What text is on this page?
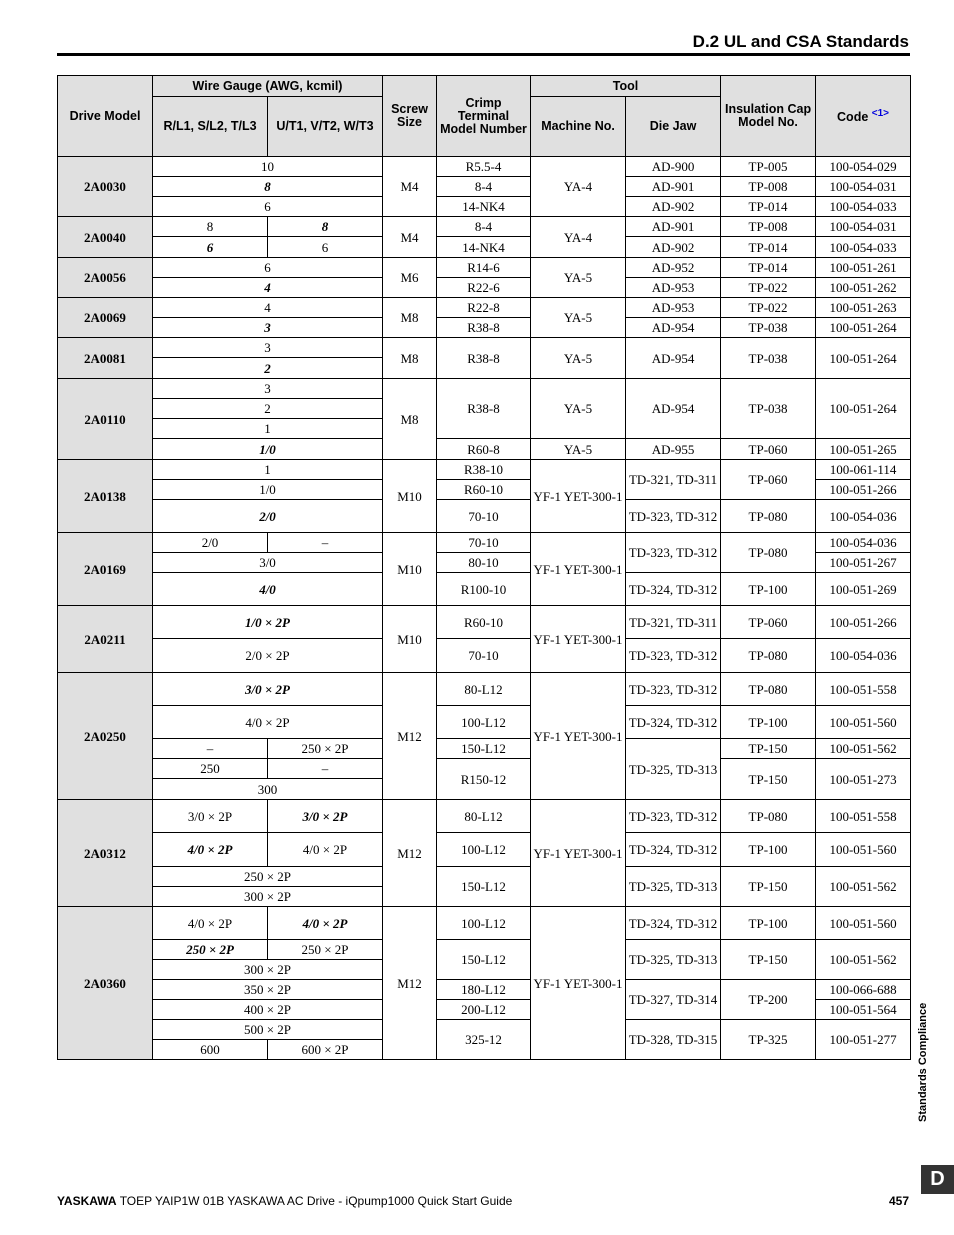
D.2 UL and CSA Standards
Drive Model	Wire Gauge (AWG, kcmil)		Screw Size	Crimp Terminal Model Number	Tool		Insulation Cap Model No.	Code $^{<1>}$
	R/L1, S/L2, T/L3	U/T1, V/T2, W/T3			Machine No.	Die Jaw		
2A0030	10		M4	R5.5-4	YA-4	AD-900	TP-005	100-054-029
	8			8-4		AD-901	TP-008	100-054-031
	6			14-NK4		AD-902	TP-014	100-054-033
2A0040	8	8	M4	8-4	YA-4	AD-901	TP-008	100-054-031
	6	6		14-NK4		AD-902	TP-014	100-054-033
2A0056	6		M6	R14-6	YA-5	AD-952	TP-014	100-051-261
	4			R22-6		AD-953	TP-022	100-051-262
2A0069	4		M8	R22-8	YA-5	AD-953	TP-022	100-051-263
	3			R38-8		AD-954	TP-038	100-051-264
2A0081	3		M8	R38-8	YA-5	AD-954	TP-038	100-051-264
	2							
2A0110	3		M8	R38-8	YA-5	AD-954	TP-038	100-051-264
	2							
	1							
	1/0			R60-8	YA-5	AD-955	TP-060	100-051-265
2A0138	1		M10	R38-10	YF-1 YET-300-1	TD-321, TD-311	TP-060	100-061-114
	1/0			R60-10				100-051-266
	2/0			70-10		TD-323, TD-312	TP-080	100-054-036
2A0169	2/0	–	M10	70-10	YF-1 YET-300-1	TD-323, TD-312	TP-080	100-054-036
	3/0			80-10				100-051-267
	4/0			R100-10		TD-324, TD-312	TP-100	100-051-269
2A0211	1/0 × 2P		M10	R60-10	YF-1 YET-300-1	TD-321, TD-311	TP-060	100-051-266
	2/0 × 2P			70-10		TD-323, TD-312	TP-080	100-054-036
2A0250	3/0 × 2P		M12	80-L12	YF-1 YET-300-1	TD-323, TD-312	TP-080	100-051-558
	4/0 × 2P			100-L12		TD-324, TD-312	TP-100	100-051-560
	–	250 × 2P		150-L12		TD-325, TD-313	TP-150	100-051-562
	250	–		R150-12			TP-150	100-051-273
	300							
2A0312	3/0 × 2P	3/0 × 2P	M12	80-L12	YF-1 YET-300-1	TD-323, TD-312	TP-080	100-051-558
	4/0 × 2P	4/0 × 2P		100-L12		TD-324, TD-312	TP-100	100-051-560
	250 × 2P			150-L12		TD-325, TD-313	TP-150	100-051-562
	300 × 2P							
2A0360	4/0 × 2P	4/0 × 2P	M12	100-L12	YF-1 YET-300-1	TD-324, TD-312	TP-100	100-051-560
	250 × 2P	250 × 2P		150-L12		TD-325, TD-313	TP-150	100-051-562
	300 × 2P							
	350 × 2P			180-L12		TD-327, TD-314	TP-200	100-066-688
	400 × 2P			200-L12				100-051-564
	500 × 2P			325-12		TD-328, TD-315	TP-325	100-051-277
	600	600 × 2P							Standards Compliance
D
YASKAWA TOEP YAIP1W 01B YASKAWA AC Drive - iQpump1000 Quick Start Guide	457
